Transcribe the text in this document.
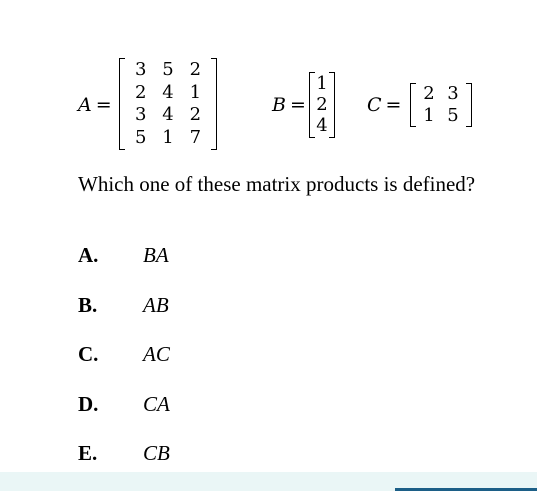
A =
3 5 2
2 4 1
3 4 2
5 1 7
B =
1
2
4
C =
2 3
1 5
Which one of these matrix products is defined?
A. BA
B. AB
C. AC
D. CA
E. CB
